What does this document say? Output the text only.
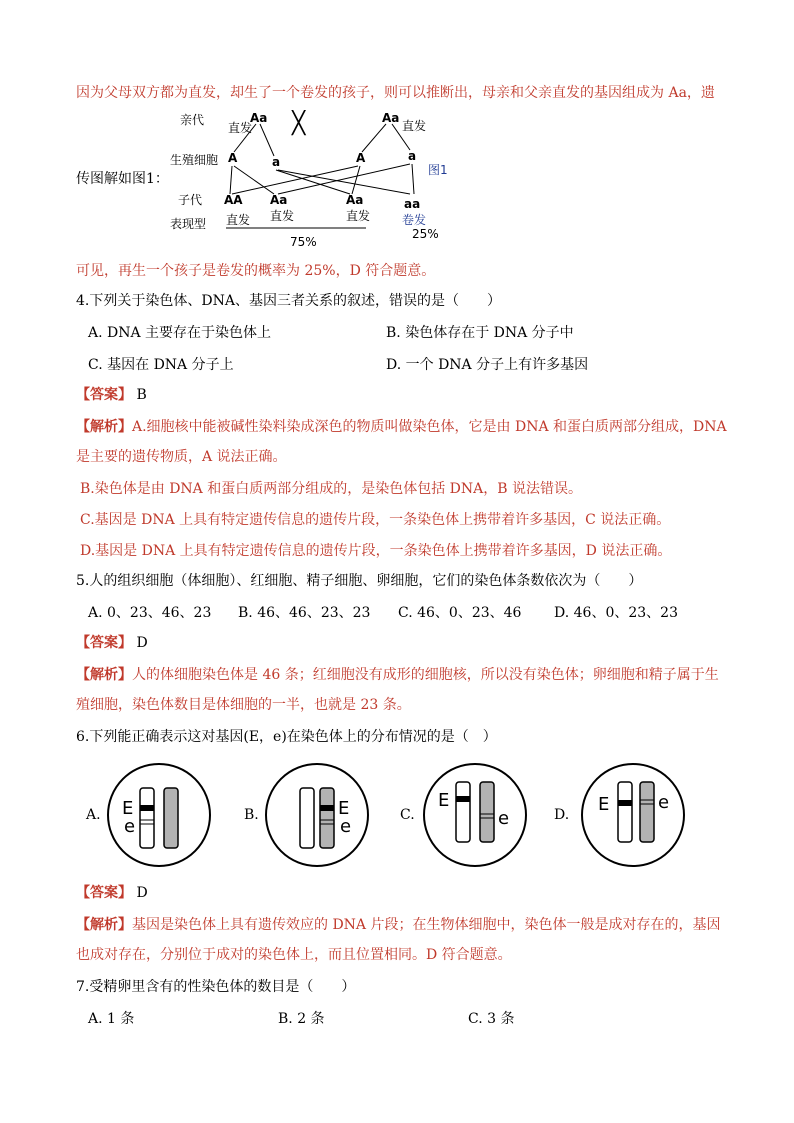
因为父母双方都为直发，却生了一个卷发的孩子，则可以推断出，母亲和父亲直发的基因组成为 Aa，遗
传图解如图1：
亲代	Aa
直发 ╳	Aa
直发
生殖细胞 A	a	A	a
图1
子代
表现型
AA Aa	Aa	aa
直发 直发	直发	卷发
75%
25%
可见，再生一个孩子是卷发的概率为 25%，D 符合题意。
4.下列关于染色体、DNA、基因三者关系的叙述，错误的是（　　）
A. DNA 主要存在于染色体上	B. 染色体存在于 DNA 分子中
C. 基因在 DNA 分子上	D. 一个 DNA 分子上有许多基因
【答案】 B
【解析】A.细胞核中能被碱性染料染成深色的物质叫做染色体，它是由 DNA 和蛋白质两部分组成，DNA
是主要的遗传物质，A 说法正确。
B.染色体是由 DNA 和蛋白质两部分组成的，是染色体包括 DNA，B 说法错误。
C.基因是 DNA 上具有特定遗传信息的遗传片段，一条染色体上携带着许多基因，C 说法正确。
D.基因是 DNA 上具有特定遗传信息的遗传片段，一条染色体上携带着许多基因，D 说法正确。
5.人的组织细胞（体细胞）、红细胞、精子细胞、卵细胞，它们的染色体条数依次为（　　）
A. 0、23、46、23 B. 46、46、23、23 C. 46、0、23、46 D. 46、0、23、23
【答案】 D
【解析】人的体细胞染色体是 46 条；红细胞没有成形的细胞核，所以没有染色体；卵细胞和精子属于生
殖细胞，染色体数目是体细胞的一半，也就是 23 条。
6.下列能正确表示这对基因(E，e)在染色体上的分布情况的是（　）
A. E
e
B.	E
e
C.
E
e	D. E	e
【答案】 D
【解析】基因是染色体上具有遗传效应的 DNA 片段；在生物体细胞中，染色体一般是成对存在的，基因
也成对存在，分别位于成对的染色体上，而且位置相同。D 符合题意。
7.受精卵里含有的性染色体的数目是（　　）
A. 1 条	B. 2 条	C. 3 条
